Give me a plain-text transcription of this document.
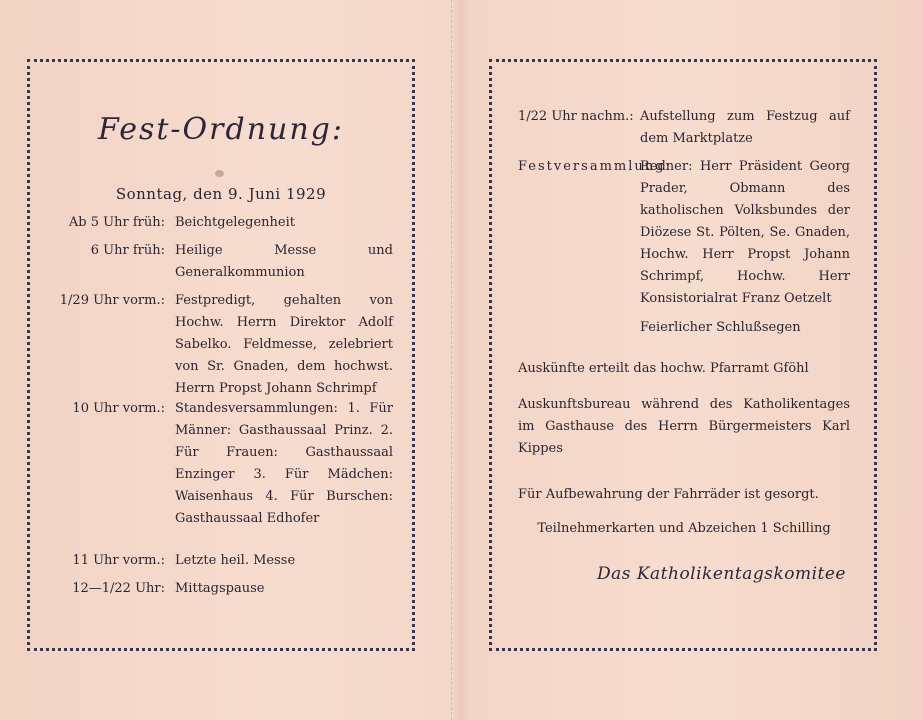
Fest-Ordnung:
Sonntag, den 9. Juni 1929
Ab 5 Uhr früh: Beichtgelegenheit
6 Uhr früh: Heilige Messe und Generalkommunion
1/29 Uhr vorm.: Festpredigt, gehalten von Hochw. Herrn Direktor Adolf Sabelko. Feldmesse, zelebriert von Sr. Gnaden, dem hochwst. Herrn Propst Johann Schrimpf
10 Uhr vorm.: Standesversammlungen: 1. Für Männer: Gasthaussaal Prinz. 2. Für Frauen: Gasthaussaal Enzinger 3. Für Mädchen: Waisenhaus 4. Für Burschen: Gasthaussaal Edhofer
11 Uhr vorm.: Letzte heil. Messe
12—1/22 Uhr: Mittagspause
1/22 Uhr nachm.: Aufstellung zum Festzug auf dem Marktplatze
Festversammlung:
Redner: Herr Präsident Georg Prader, Obmann des katholischen Volksbundes der Diözese St. Pölten, Se. Gnaden, Hochw. Herr Propst Johann Schrimpf, Hochw. Herr Konsistorialrat Franz Oetzelt
Feierlicher Schlußsegen
Auskünfte erteilt das hochw. Pfarramt Gföhl
Auskunftsbureau während des Katholikentages im Gasthause des Herrn Bürgermeisters Karl Kippes
Für Aufbewahrung der Fahrräder ist gesorgt.
Teilnehmerkarten und Abzeichen 1 Schilling
Das Katholikentagskomitee
